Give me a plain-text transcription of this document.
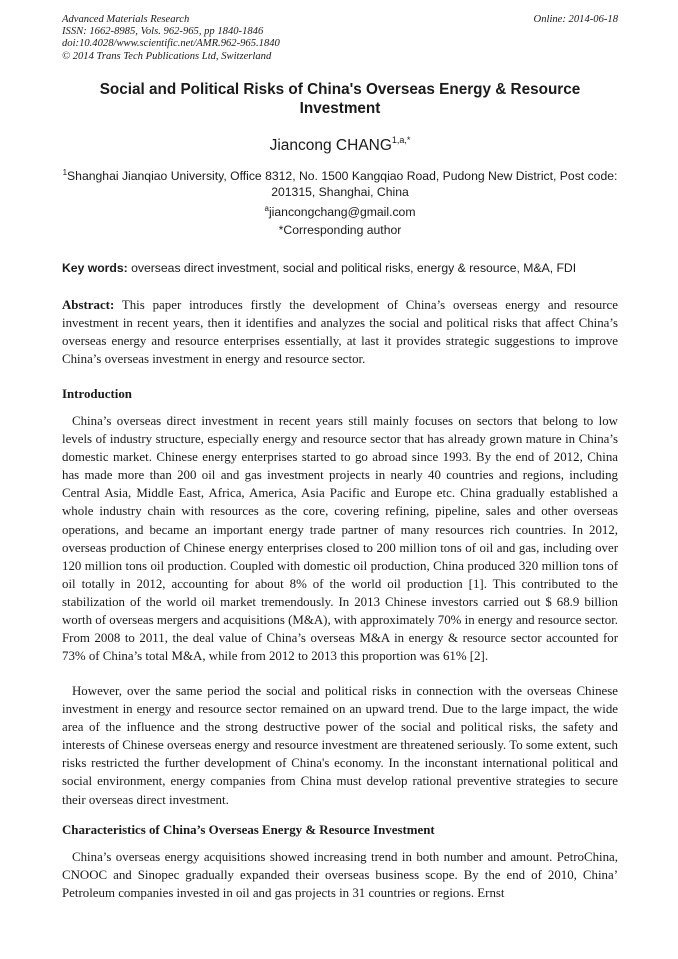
Advanced Materials Research
ISSN: 1662-8985, Vols. 962-965, pp 1840-1846
doi:10.4028/www.scientific.net/AMR.962-965.1840
© 2014 Trans Tech Publications Ltd, Switzerland
Online: 2014-06-18
Social and Political Risks of China's Overseas Energy & Resource Investment
Jiancong $CHANG^{1,a,*}$
$^1$Shanghai Jianqiao University, Office 8312, No. 1500 Kangqiao Road, Pudong New District, Post code: 201315, Shanghai, China
$^a$jiancongchang@gmail.com
*Corresponding author
Key words: overseas direct investment, social and political risks, energy & resource, M&A, FDI
Abstract: This paper introduces firstly the development of China’s overseas energy and resource investment in recent years, then it identifies and analyzes the social and political risks that affect China’s overseas energy and resource enterprises essentially, at last it provides strategic suggestions to improve China’s overseas investment in energy and resource sector.
Introduction

China’s overseas direct investment in recent years still mainly focuses on sectors that belong to low levels of industry structure, especially energy and resource sector that has already grown mature in China’s domestic market. Chinese energy enterprises started to go abroad since 1993. By the end of 2012, China has made more than 200 oil and gas investment projects in nearly 40 countries and regions, including Central Asia, Middle East, Africa, America, Asia Pacific and Europe etc. China gradually established a whole industry chain with resources as the core, covering refining, pipeline, sales and other overseas operations, and became an important energy trade partner of many resources rich countries. In 2012, overseas production of Chinese energy enterprises closed to 200 million tons of oil and gas, including over 120 million tons oil production. Coupled with domestic oil production, China produced 320 million tons of oil totally in 2012, accounting for about 8% of the world oil production [1]. This contributed to the stabilization of the world oil market tremendously. In 2013 Chinese investors carried out $ 68.9 billion worth of overseas mergers and acquisitions (M&A), with approximately 70% in energy and resource sector. From 2008 to 2011, the deal value of China’s overseas M&A in energy & resource sector accounted for 73% of China’s total M&A, while from 2012 to 2013 this proportion was 61% [2].

However, over the same period the social and political risks in connection with the overseas Chinese investment in energy and resource sector remained on an upward trend. Due to the large impact, the wide area of the influence and the strong destructive power of the social and political risks, the safety and interests of Chinese overseas energy and resource investment are threatened seriously. To some extent, such risks restricted the further development of China's economy. In the inconstant international political and social environment, energy companies from China must develop rational preventive strategies to secure their overseas direct investment.

Characteristics of China’s Overseas Energy & Resource Investment

China’s overseas energy acquisitions showed increasing trend in both number and amount. PetroChina, CNOOC and Sinopec gradually expanded their overseas business scope. By the end of 2010, China’ Petroleum companies invested in oil and gas projects in 31 countries or regions. Ernst
